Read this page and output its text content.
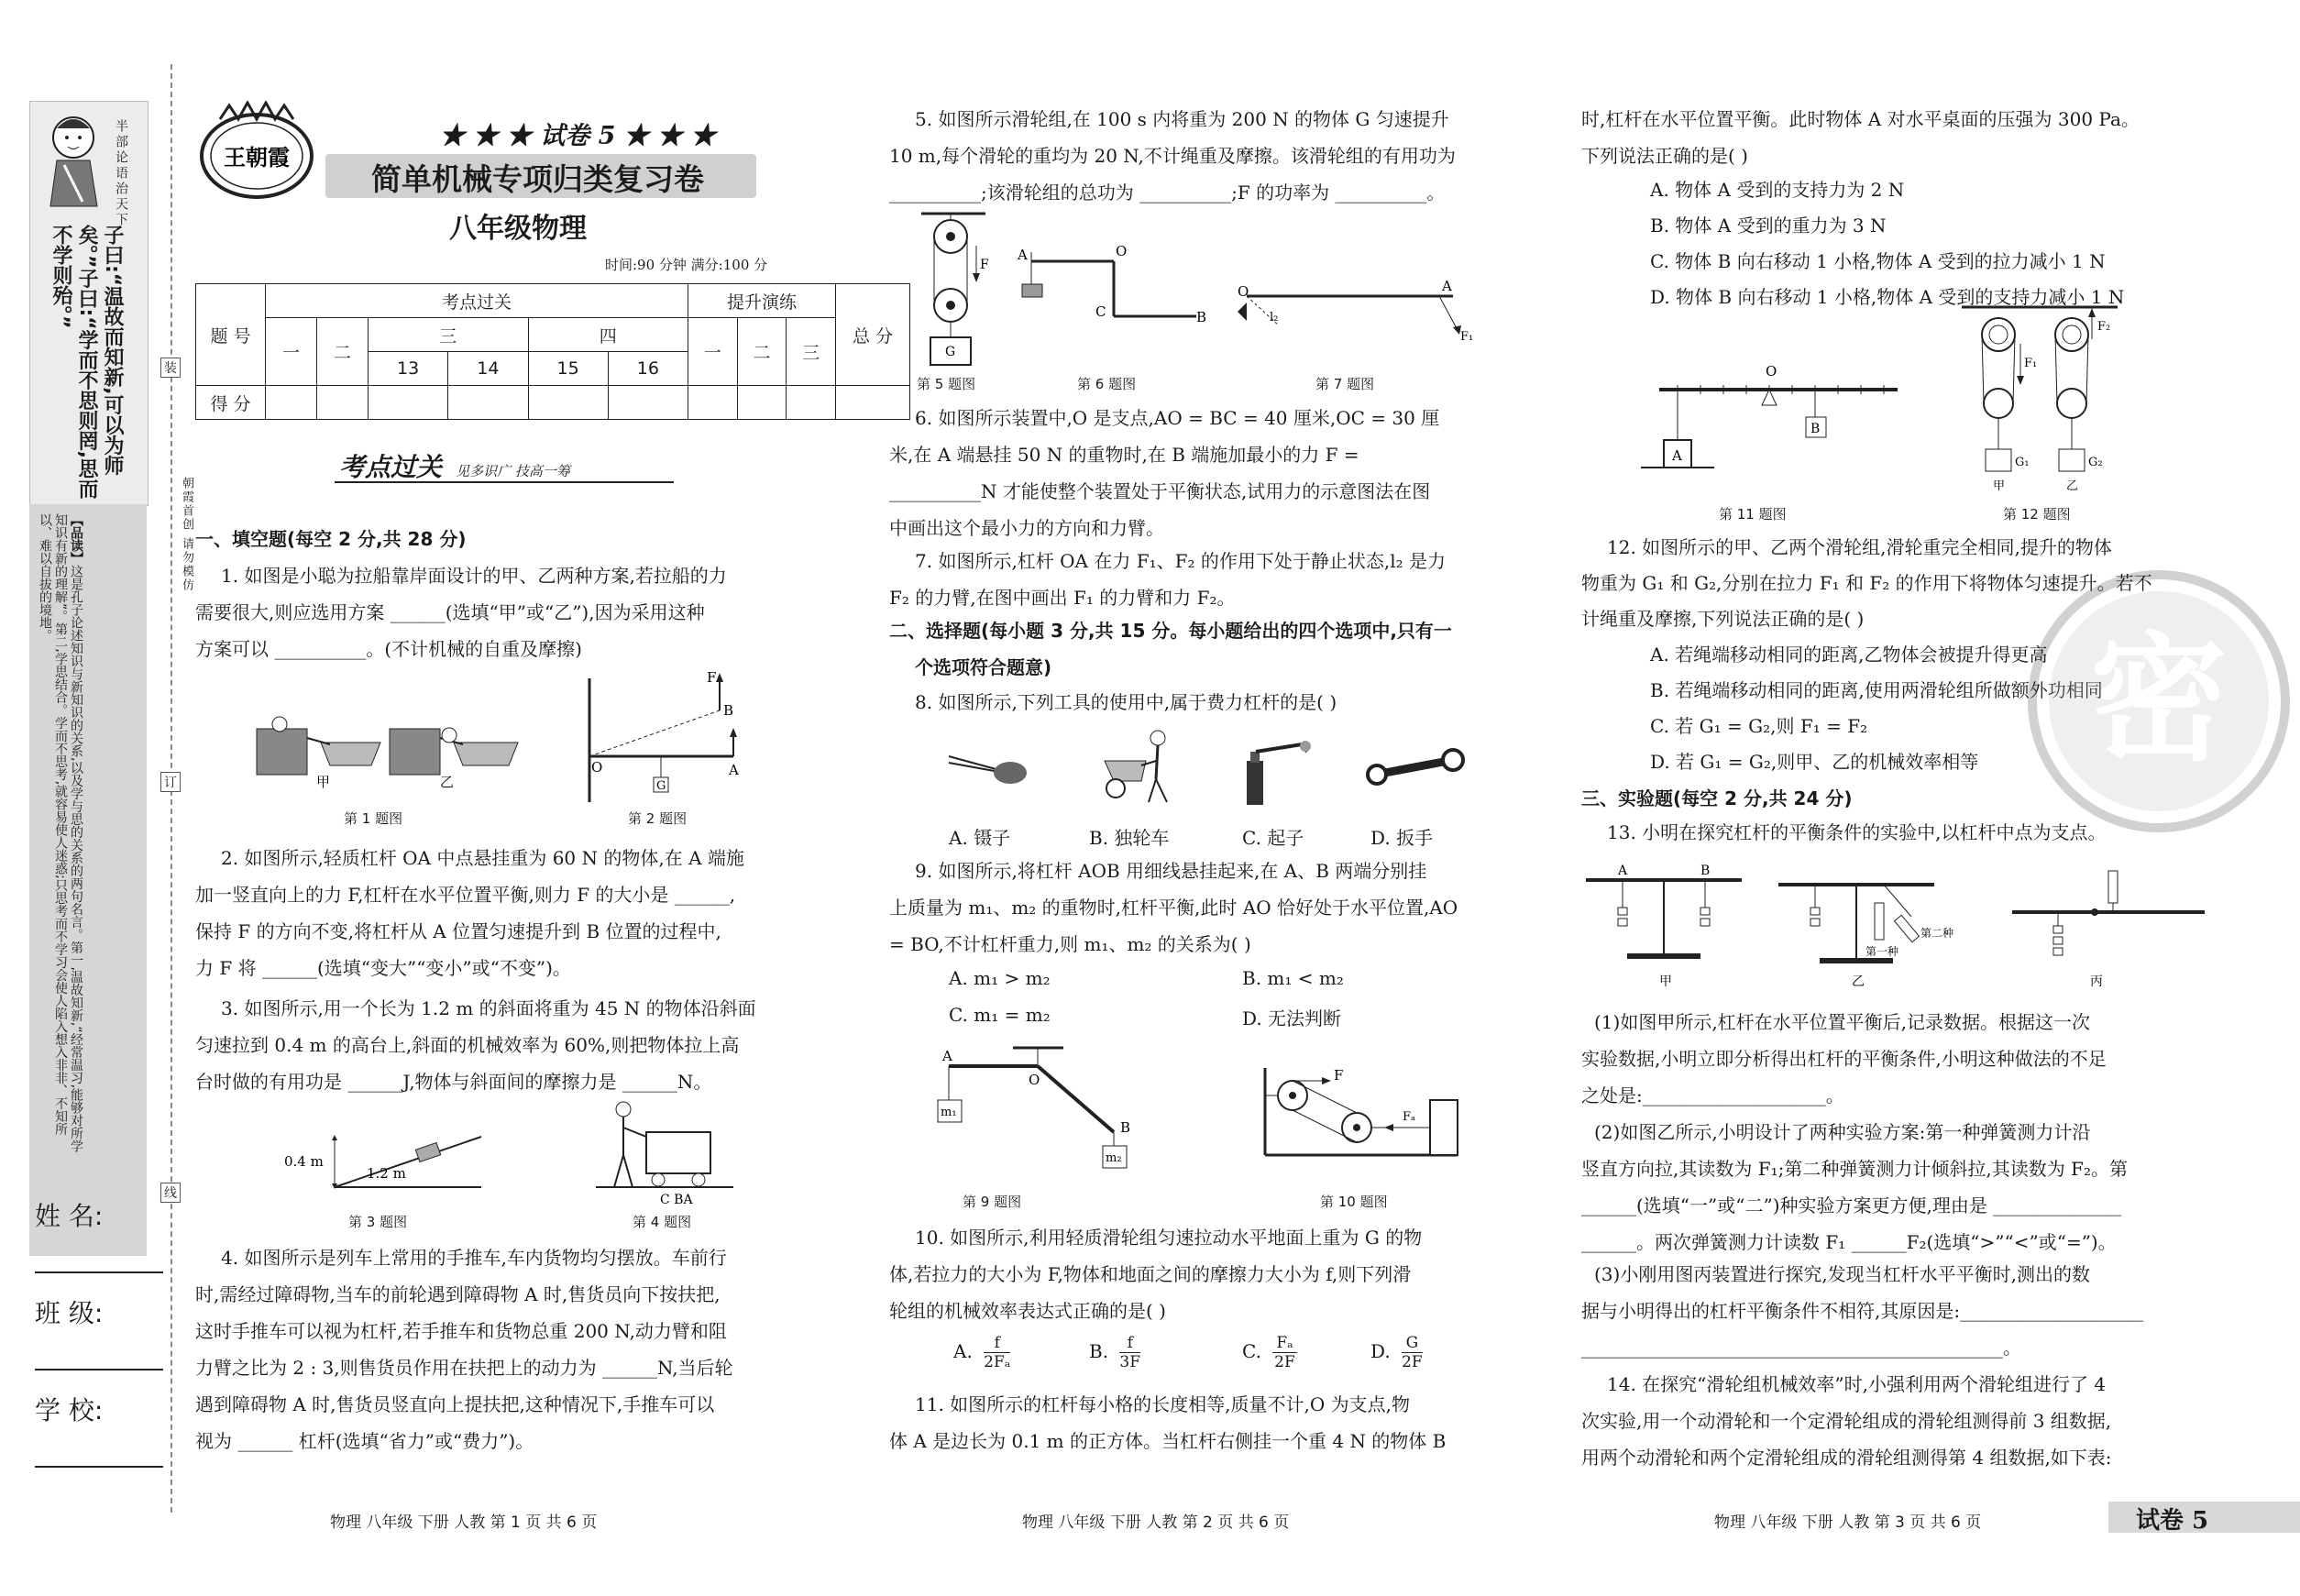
半部论语治天下
子曰:“温故而知新,可以为师矣。”子曰:“学而不思则罔,思而不学则殆。”
【品读】这是孔子论述知识与新知识的关系,以及学与思的关系的两句名言。第一,温故知新,“经常温习,能够对所学知识有新的理解”。第二,学思结合。学而不思考,就容易使人迷惑;只思考而不学习会使人陷入想入非非、不知所以、难以自拔的境地。	朝霞首创 请勿模仿
装
订
线
姓 名:
班 级:
学 校:
王朝霞
★ ★ ★ 试卷 5 ★ ★ ★
简单机械专项归类复习卷
八年级物理
时间:90 分钟 满分:100 分
题 号	考点过关						提升演练			总 分
	一	二	三		四		一	二	三	
			13	14	15	16				
得 分										
考点过关 见多识广 技高一筹
一、填空题(每空 2 分,共 28 分)

1. 如图是小聪为拉船靠岸面设计的甲、乙两种方案,若拉船的力

需要很大,则应选用方案 ______(选填“甲”或“乙”),因为采用这种

方案可以 __________。(不计机械的自重及摩擦)

甲	乙
第 1 题图
F
B
O
G
A
第 2 题图

2. 如图所示,轻质杠杆 OA 中点悬挂重为 60 N 的物体,在 A 端施

加一竖直向上的力 F,杠杆在水平位置平衡,则力 F 的大小是 ______,

保持 F 的方向不变,将杠杆从 A 位置匀速提升到 B 位置的过程中,

力 F 将 ______(选填“变大”“变小”或“不变”)。

3. 如图所示,用一个长为 1.2 m 的斜面将重为 45 N 的物体沿斜面

匀速拉到 0.4 m 的高台上,斜面的机械效率为 60%,则把物体拉上高

台时做的有用功是 ______J,物体与斜面间的摩擦力是 ______N。

0.4 m
1.2 m
第 3 题图
C BA
第 4 题图

4. 如图所示是列车上常用的手推车,车内货物均匀摆放。车前行

时,需经过障碍物,当车的前轮遇到障碍物 A 时,售货员向下按扶把,

这时手推车可以视为杠杆,若手推车和货物总重 200 N,动力臂和阻

力臂之比为 2 : 3,则售货员作用在扶把上的动力为 ______N,当后轮

遇到障碍物 A 时,售货员竖直向上提扶把,这种情况下,手推车可以

视为 ______ 杠杆(选填“省力”或“费力”)。

物理 八年级 下册 人教 第 1 页 共 6 页

5. 如图所示滑轮组,在 100 s 内将重为 200 N 的物体 G 匀速提升

10 m,每个滑轮的重均为 20 N,不计绳重及摩擦。该滑轮组的有用功为

__________;该滑轮组的总功为 __________;F 的功率为 __________。

G
F
第 5 题图
A	O
C	B
第 6 题图
O	A
l₂
F₁
第 7 题图

6. 如图所示装置中,O 是支点,AO = BC = 40 厘米,OC = 30 厘

米,在 A 端悬挂 50 N 的重物时,在 B 端施加最小的力 F =

__________N 才能使整个装置处于平衡状态,试用力的示意图法在图

中画出这个最小力的方向和力臂。

7. 如图所示,杠杆 OA 在力 F₁、F₂ 的作用下处于静止状态,l₂ 是力

F₂ 的力臂,在图中画出 F₁ 的力臂和力 F₂。

二、选择题(每小题 3 分,共 15 分。每小题给出的四个选项中,只有一

个选项符合题意)

8. 如图所示,下列工具的使用中,属于费力杠杆的是( )
A. 镊子	B. 独轮车	C. 起子	D. 扳手

9. 如图所示,将杠杆 AOB 用细线悬挂起来,在 A、B 两端分别挂

上质量为 m₁、m₂ 的重物时,杠杆平衡,此时 AO 恰好处于水平位置,AO

= BO,不计杠杆重力,则 m₁、m₂ 的关系为( )

A. m₁ > m₂	B. m₁ < m₂
C. m₁ = m₂	D. 无法判断
A
O
B
m₁
m₂
第 9 题图
F
Fₐ
第 10 题图

10. 如图所示,利用轻质滑轮组匀速拉动水平地面上重为 G 的物

体,若拉力的大小为 F,物体和地面之间的摩擦力大小为 f,则下列滑

轮组的机械效率表达式正确的是( )

A. $\frac{f}{\text{2Fₐ}}$	B. $\frac{f}{3F}$	C. $\frac{\text{Fₐ}}{2F}$	D. $\frac{G}{2F}$

11. 如图所示的杠杆每小格的长度相等,质量不计,O 为支点,物

体 A 是边长为 0.1 m 的正方体。当杠杆右侧挂一个重 4 N 的物体 B

物理 八年级 下册 人教 第 2 页 共 6 页

时,杠杆在水平位置平衡。此时物体 A 对水平桌面的压强为 300 Pa。

下列说法正确的是( )

A. 物体 A 受到的支持力为 2 N

B. 物体 A 受到的重力为 3 N

C. 物体 B 向右移动 1 小格,物体 A 受到的拉力减小 1 N

D. 物体 B 向右移动 1 小格,物体 A 受到的支持力减小 1 N

O
A
B
第 11 题图
F₁
F₂
G₁	G₂
甲	乙
第 12 题图

12. 如图所示的甲、乙两个滑轮组,滑轮重完全相同,提升的物体

物重为 G₁ 和 G₂,分别在拉力 F₁ 和 F₂ 的作用下将物体匀速提升。若不

计绳重及摩擦,下列说法正确的是( )

A. 若绳端移动相同的距离,乙物体会被提升得更高

B. 若绳端移动相同的距离,使用两滑轮组所做额外功相同

C. 若 G₁ = G₂,则 F₁ = F₂

D. 若 G₁ = G₂,则甲、乙的机械效率相等

三、实验题(每空 2 分,共 24 分)
13. 小明在探究杠杆的平衡条件的实验中,以杠杆中点为支点。
A	B
甲
第二种
第一种
乙	丙

(1)如图甲所示,杠杆在水平位置平衡后,记录数据。根据这一次

实验数据,小明立即分析得出杠杆的平衡条件,小明这种做法的不足

之处是:____________________。

(2)如图乙所示,小明设计了两种实验方案:第一种弹簧测力计沿

竖直方向拉,其读数为 F₁;第二种弹簧测力计倾斜拉,其读数为 F₂。第

______(选填“一”或“二”)种实验方案更方便,理由是 ______________

______。两次弹簧测力计读数 F₁ ______F₂(选填“>”“<”或“=”)。

(3)小刚用图丙装置进行探究,发现当杠杆水平平衡时,测出的数

据与小明得出的杠杆平衡条件不相符,其原因是:____________________

______________________________________________。

14. 在探究“滑轮组机械效率”时,小强利用两个滑轮组进行了 4

次实验,用一个动滑轮和一个定滑轮组成的滑轮组测得前 3 组数据,

用两个动滑轮和两个定滑轮组成的滑轮组测得第 4 组数据,如下表:

密
物理 八年级 下册 人教 第 3 页 共 6 页	试卷 5
